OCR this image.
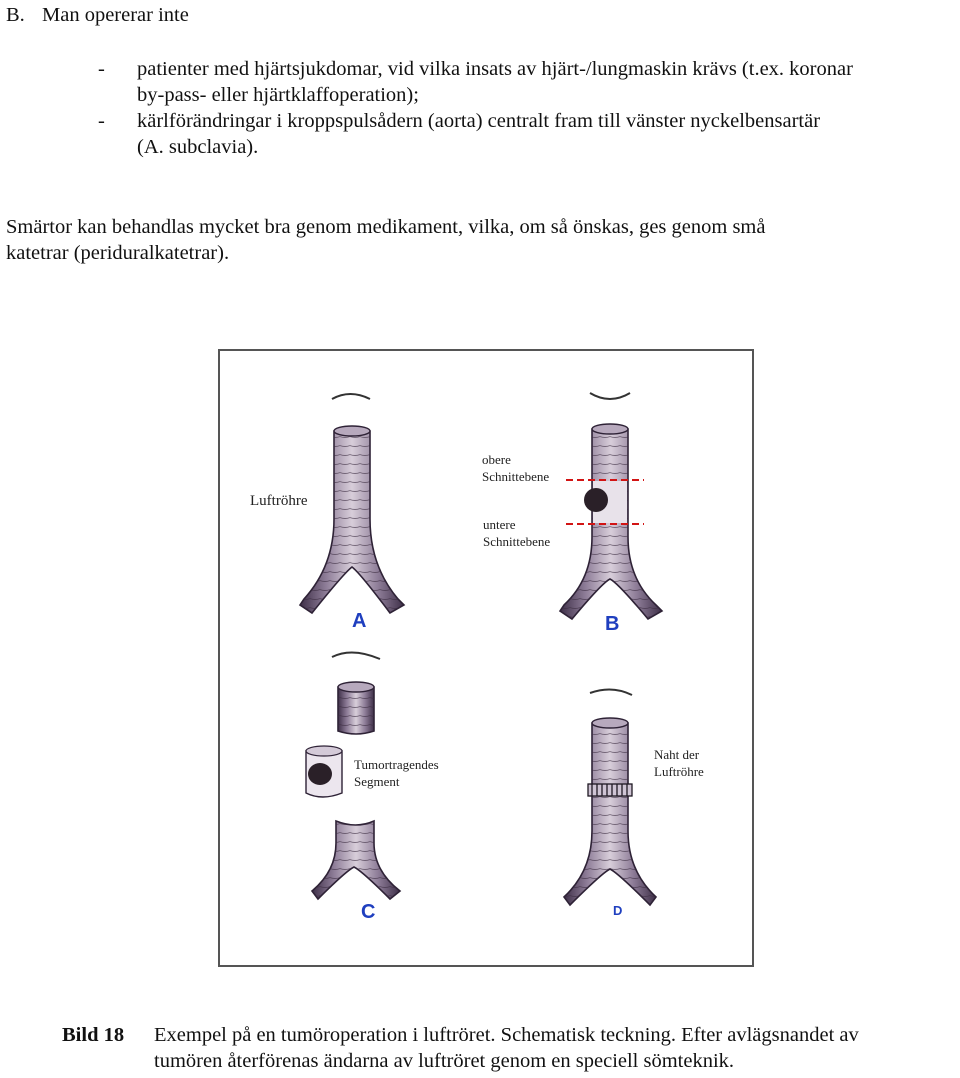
B. Man opererar inte
- patienter med hjärtsjukdomar, vid vilka insats av hjärt-/lungmaskin krävs (t.ex. koronar
by-pass- eller hjärtklaffoperation);
- kärlförändringar i kroppspulsådern (aorta) centralt fram till vänster nyckelbensartär
(A. subclavia).
Smärtor kan behandlas mycket bra genom medikament, vilka, om så önskas, ges genom små
katetrar (periduralkatetrar).
Luftröhre
A
obere
Schnittebene
untere
Schnittebene
B
Tumortragendes
Segment
C
Naht der
Luftröhre
D
Bild 18 Exempel på en tumöroperation i luftröret. Schematisk teckning. Efter avlägsnandet av
tumören återförenas ändarna av luftröret genom en speciell sömteknik.
